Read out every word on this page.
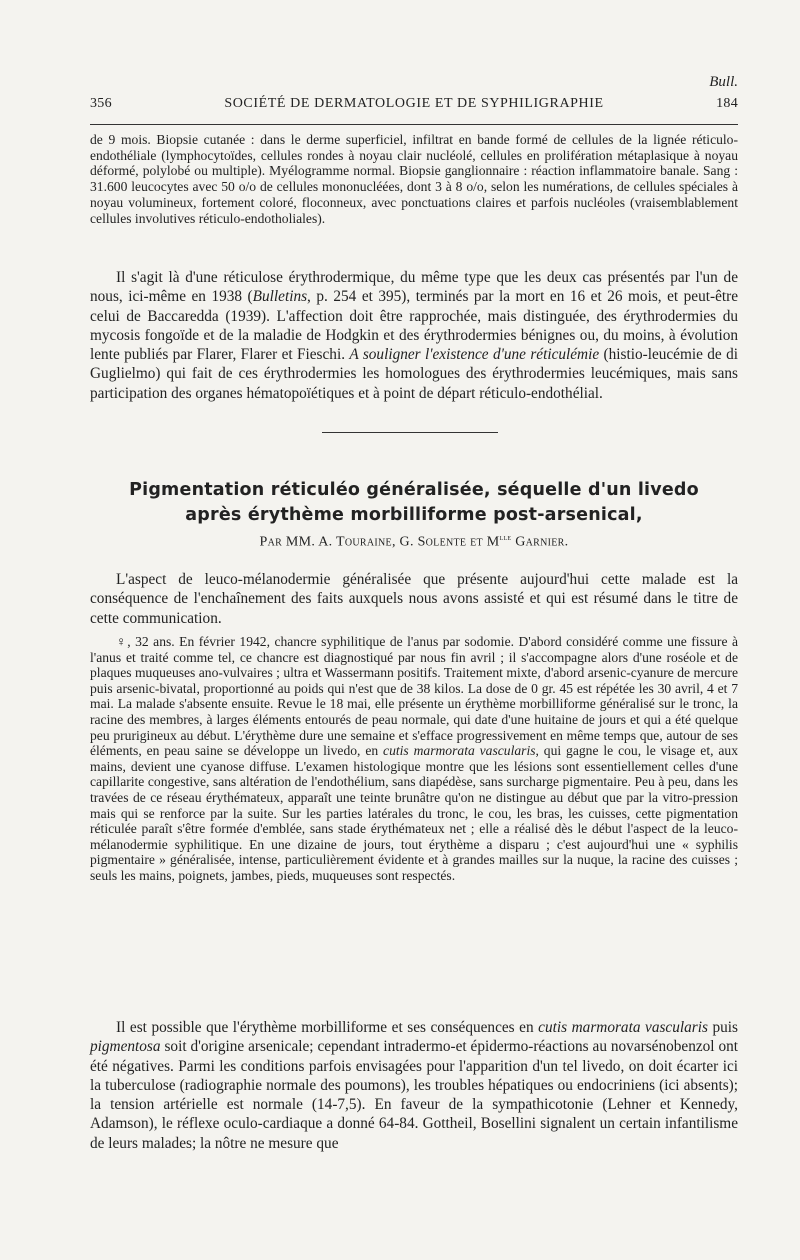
Bull.
356	SOCIÉTÉ DE DERMATOLOGIE ET DE SYPHILIGRAPHIE	184

de 9 mois. Biopsie cutanée : dans le derme superficiel, infiltrat en bande formé de cellules de la lignée réticulo-endothéliale (lymphocytoïdes, cellules rondes à noyau clair nucléolé, cellules en prolifération métaplasique à noyau déformé, polylobé ou multiple). Myélogramme normal. Biopsie ganglionnaire : réaction inflammatoire banale. Sang : 31.600 leucocytes avec 50 o/o de cellules mononucléées, dont 3 à 8 o/o, selon les numérations, de cellules spéciales à noyau volumineux, fortement coloré, floconneux, avec ponctuations claires et parfois nucléoles (vraisemblablement cellules involutives réticulo-endotholiales).

Il s'agit là d'une réticulose érythrodermique, du même type que les deux cas présentés par l'un de nous, ici-même en 1938 (Bulletins, p. 254 et 395), terminés par la mort en 16 et 26 mois, et peut-être celui de Baccaredda (1939). L'affection doit être rapprochée, mais distinguée, des érythrodermies du mycosis fongoïde et de la maladie de Hodgkin et des érythrodermies bénignes ou, du moins, à évolution lente publiés par Flarer, Flarer et Fieschi. A souligner l'existence d'une réticulémie (histio-leucémie de di Guglielmo) qui fait de ces érythrodermies les homologues des érythrodermies leucémiques, mais sans participation des organes hématopoïétiques et à point de départ réticulo-endothélial.

Pigmentation réticuléo généralisée, séquelle d'un livedo
après érythème morbilliforme post-arsenical,
Par MM. A. Touraine, G. Solente et $M^{lle}$ Garnier.

L'aspect de leuco-mélanodermie généralisée que présente aujourd'hui cette malade est la conséquence de l'enchaînement des faits auxquels nous avons assisté et qui est résumé dans le titre de cette communication.

♀, 32 ans. En février 1942, chancre syphilitique de l'anus par sodomie. D'abord considéré comme une fissure à l'anus et traité comme tel, ce chancre est diagnostiqué par nous fin avril ; il s'accompagne alors d'une roséole et de plaques muqueuses ano-vulvaires ; ultra et Wassermann positifs. Traitement mixte, d'abord arsenic-cyanure de mercure puis arsenic-bivatal, proportionné au poids qui n'est que de 38 kilos. La dose de 0 gr. 45 est répétée les 30 avril, 4 et 7 mai. La malade s'absente ensuite. Revue le 18 mai, elle présente un érythème morbilliforme généralisé sur le tronc, la racine des membres, à larges éléments entourés de peau normale, qui date d'une huitaine de jours et qui a été quelque peu prurigineux au début. L'érythème dure une semaine et s'efface progressivement en même temps que, autour de ses éléments, en peau saine se développe un livedo, en cutis marmorata vascularis, qui gagne le cou, le visage et, aux mains, devient une cyanose diffuse. L'examen histologique montre que les lésions sont essentiellement celles d'une capillarite congestive, sans altération de l'endothélium, sans diapédèse, sans surcharge pigmentaire. Peu à peu, dans les travées de ce réseau érythémateux, apparaît une teinte brunâtre qu'on ne distingue au début que par la vitro-pression mais qui se renforce par la suite. Sur les parties latérales du tronc, le cou, les bras, les cuisses, cette pigmentation réticulée paraît s'être formée d'emblée, sans stade érythémateux net ; elle a réalisé dès le début l'aspect de la leuco-mélanodermie syphilitique. En une dizaine de jours, tout érythème a disparu ; c'est aujourd'hui une « syphilis pigmentaire » généralisée, intense, particulièrement évidente et à grandes mailles sur la nuque, la racine des cuisses ; seuls les mains, poignets, jambes, pieds, muqueuses sont respectés.

Il est possible que l'érythème morbilliforme et ses conséquences en cutis marmorata vascularis puis pigmentosa soit d'origine arsenicale; cependant intradermo-et épidermo-réactions au novarsénobenzol ont été négatives. Parmi les conditions parfois envisagées pour l'apparition d'un tel livedo, on doit écarter ici la tuberculose (radiographie normale des poumons), les troubles hépatiques ou endocriniens (ici absents); la tension artérielle est normale (14-7,5). En faveur de la sympathicotonie (Lehner et Kennedy, Adamson), le réflexe oculo-cardiaque a donné 64-84. Gottheil, Bosellini signalent un certain infantilisme de leurs malades; la nôtre ne mesure que
